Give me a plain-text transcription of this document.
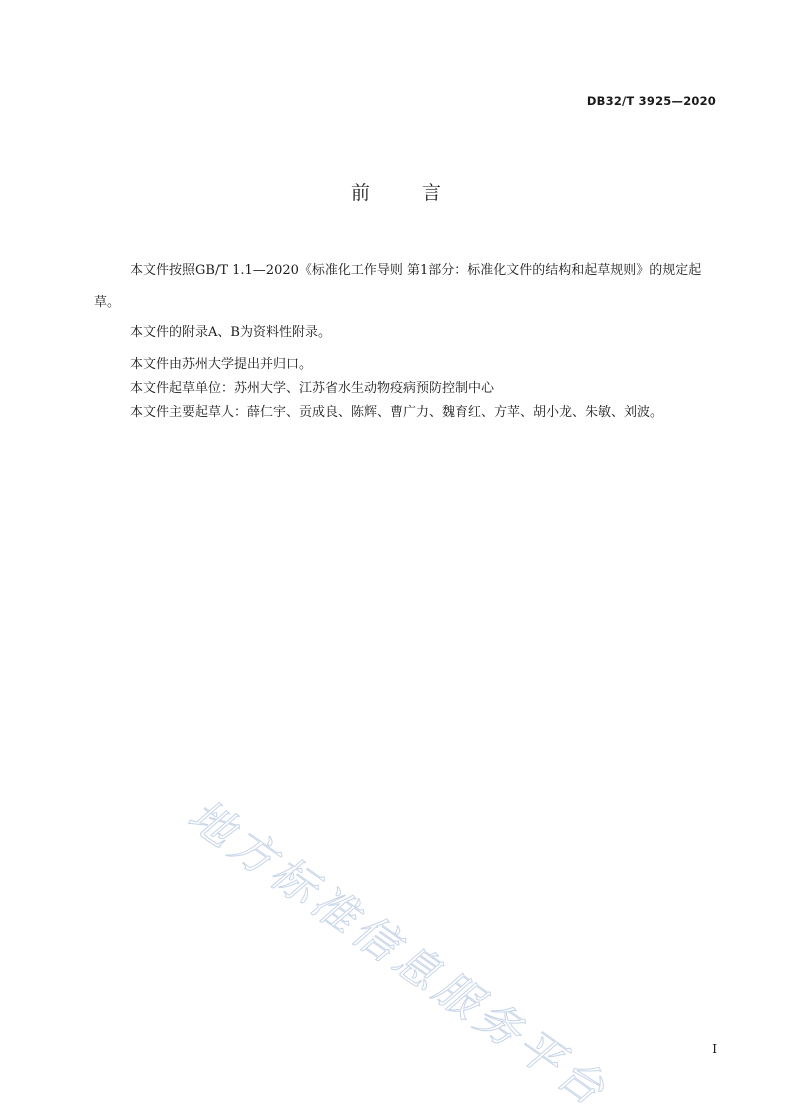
DB32/T 3925—2020
前言

本文件按照GB/T 1.1—2020《标准化工作导则 第1部分：标准化文件的结构和起草规则》的规定起草。

本文件的附录A、B为资料性附录。

本文件由苏州大学提出并归口。

本文件起草单位：苏州大学、江苏省水生动物疫病预防控制中心

本文件主要起草人：薛仁宇、贡成良、陈辉、曹广力、魏育红、方苹、胡小龙、朱敏、刘波。

地方标准信息服务平台	I
